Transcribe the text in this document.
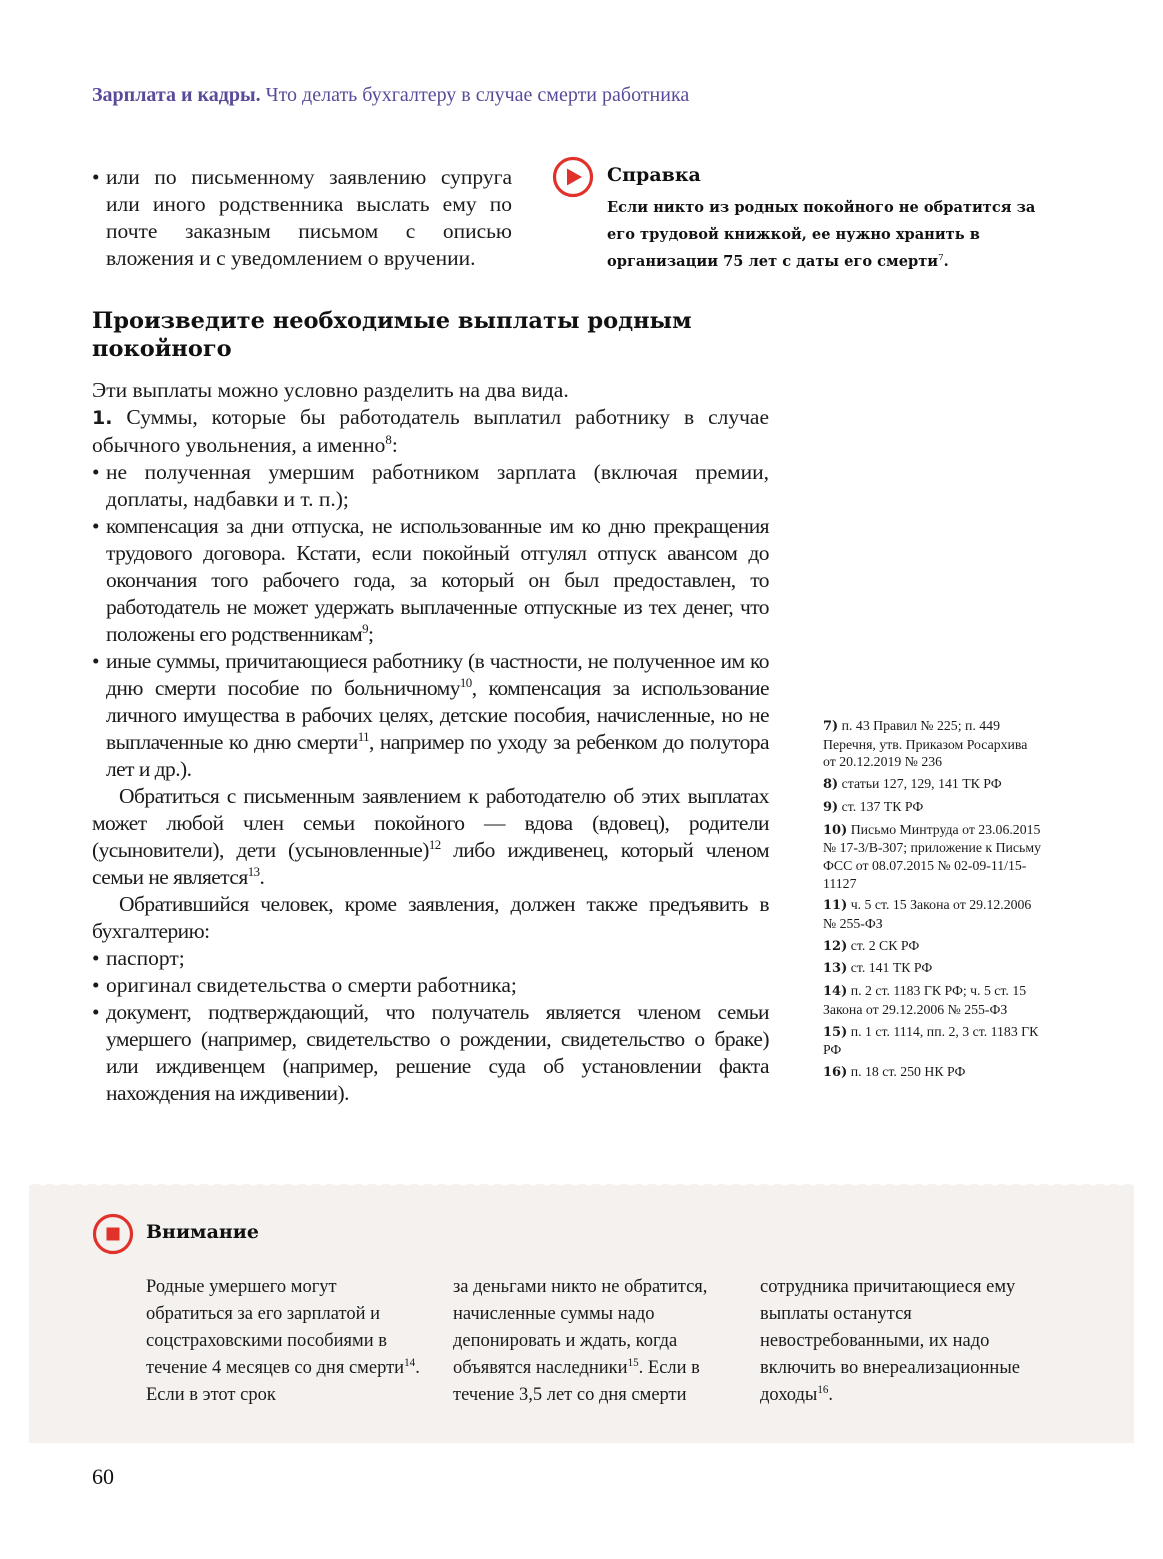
Зарплата и кадры. Что делать бухгалтеру в случае смерти работника
• или по письменному заявлению супруга или иного родственника выслать ему по почте заказным письмом с описью вложения и с уведомлением о вручении.
Справка
Если никто из родных покойного не обратится за его трудовой книжкой, ее нужно хранить в организации 75 лет с даты его смерти$^7$.
Произведите необходимые выплаты родным покойного

Эти выплаты можно условно разделить на два вида.

1. Суммы, которые бы работодатель выплатил работнику в случае обычного увольнения, а именно$^8$:

• не полученная умершим работником зарплата (включая премии, доплаты, надбавки и т. п.);
• компенсация за дни отпуска, не использованные им ко дню прекращения трудового договора. Кстати, если покойный отгулял отпуск авансом до окончания того рабочего года, за который он был предоставлен, то работодатель не может удержать выплаченные отпускные из тех денег, что положены его родственникам$^9$;
• иные суммы, причитающиеся работнику (в частности, не полученное им ко дню смерти пособие по больничному$^{10}$, компенсация за использование личного имущества в рабочих целях, детские пособия, начисленные, но не выплаченные ко дню смерти$^{11}$, например по уходу за ребенком до полутора лет и др.).

Обратиться с письменным заявлением к работодателю об этих выплатах может любой член семьи покойного — вдова (вдовец), родители (усыновители), дети (усыновленные)$^{12}$ либо иждивенец, который членом семьи не является$^{13}$.

Обратившийся человек, кроме заявления, должен также предъявить в бухгалтерию:

• паспорт;
• оригинал свидетельства о смерти работника;
• документ, подтверждающий, что получатель является членом семьи умершего (например, свидетельство о рождении, свидетельство о браке) или иждивенцем (например, решение суда об установлении факта нахождения на иждивении).
7) п. 43 Правил № 225; п. 449 Перечня, утв. Приказом Росархива от 20.12.2019 № 236
8) статьи 127, 129, 141 ТК РФ
9) ст. 137 ТК РФ
10) Письмо Минтруда от 23.06.2015 № 17-3/В-307; приложение к Письму ФСС от 08.07.2015 № 02-09-11/15-11127
11) ч. 5 ст. 15 Закона от 29.12.2006 № 255-ФЗ
12) ст. 2 СК РФ
13) ст. 141 ТК РФ
14) п. 2 ст. 1183 ГК РФ; ч. 5 ст. 15 Закона от 29.12.2006 № 255-ФЗ
15) п. 1 ст. 1114, пп. 2, 3 ст. 1183 ГК РФ
16) п. 18 ст. 250 НК РФ
Внимание
Родные умершего могут обратиться за его зарплатой и соцстраховскими пособиями в течение 4 месяцев со дня смерти$^{14}$. Если в этот срок
за деньгами никто не обратится, начисленные суммы надо депонировать и ждать, когда объявятся наследники$^{15}$. Если в течение 3,5 лет со дня смерти
сотрудника причитающиеся ему выплаты останутся невостребованными, их надо включить во внереализационные доходы$^{16}$.
60
